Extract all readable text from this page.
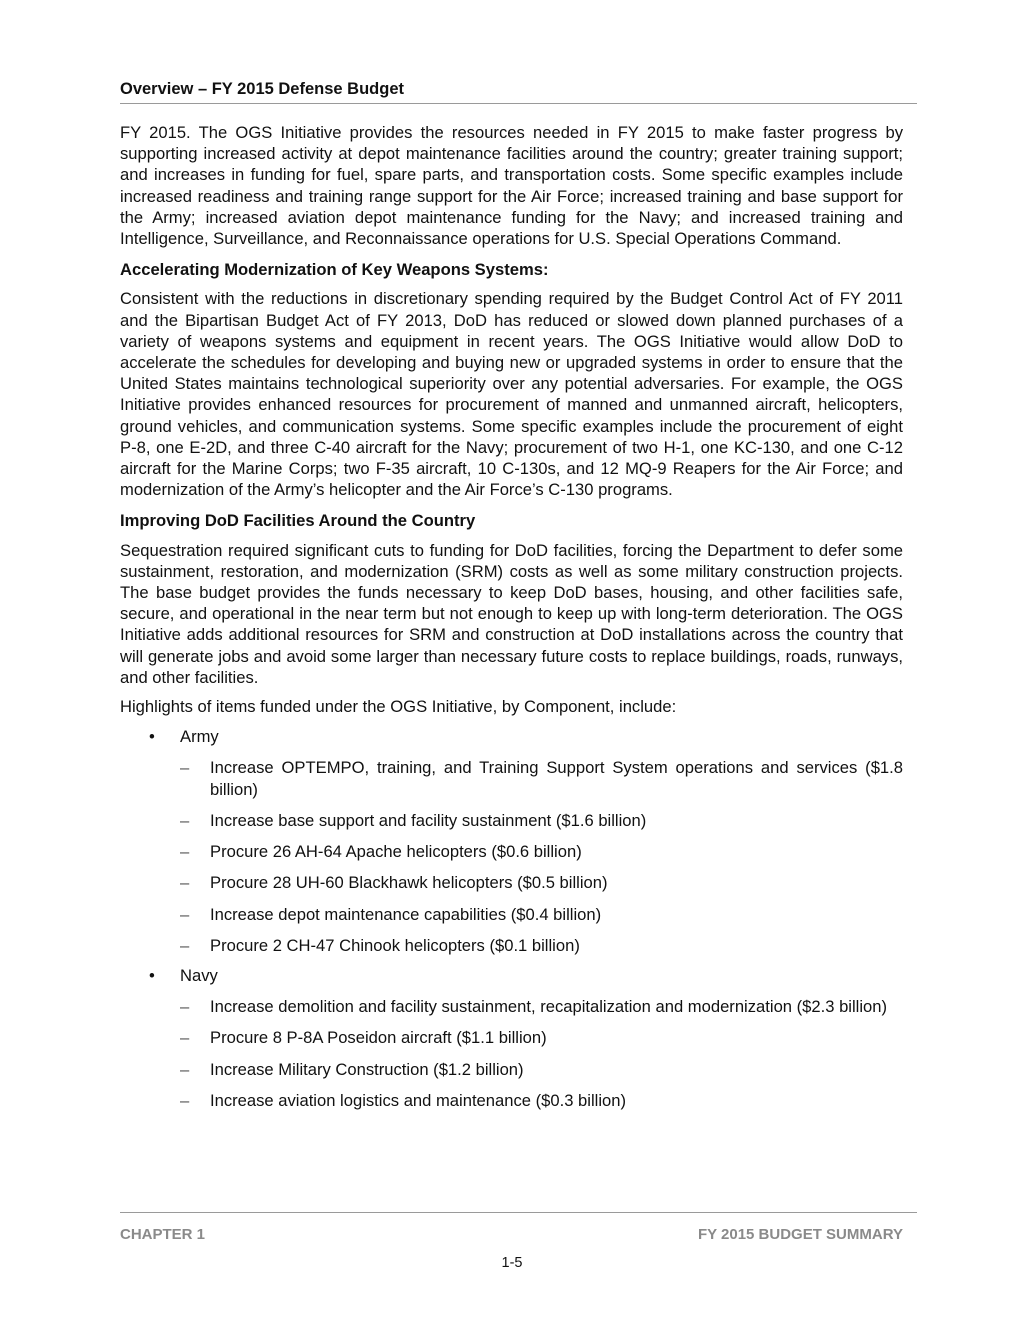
Overview – FY 2015 Defense Budget

FY 2015. The OGS Initiative provides the resources needed in FY 2015 to make faster progress by supporting increased activity at depot maintenance facilities around the country; greater training support; and increases in funding for fuel, spare parts, and transportation costs. Some specific examples include increased readiness and training range support for the Air Force; increased training and base support for the Army; increased aviation depot maintenance funding for the Navy; and increased training and Intelligence, Surveillance, and Reconnaissance operations for U.S. Special Operations Command.

Accelerating Modernization of Key Weapons Systems:

Consistent with the reductions in discretionary spending required by the Budget Control Act of FY 2011 and the Bipartisan Budget Act of FY 2013, DoD has reduced or slowed down planned purchases of a variety of weapons systems and equipment in recent years. The OGS Initiative would allow DoD to accelerate the schedules for developing and buying new or upgraded systems in order to ensure that the United States maintains technological superiority over any potential adversaries. For example, the OGS Initiative provides enhanced resources for procurement of manned and unmanned aircraft, helicopters, ground vehicles, and communication systems. Some specific examples include the procurement of eight P-8, one E-2D, and three C-40 aircraft for the Navy; procurement of two H-1, one KC-130, and one C-12 aircraft for the Marine Corps; two F-35 aircraft, 10 C-130s, and 12 MQ-9 Reapers for the Air Force; and modernization of the Army’s helicopter and the Air Force’s C-130 programs.

Improving DoD Facilities Around the Country

Sequestration required significant cuts to funding for DoD facilities, forcing the Department to defer some sustainment, restoration, and modernization (SRM) costs as well as some military construction projects. The base budget provides the funds necessary to keep DoD bases, housing, and other facilities safe, secure, and operational in the near term but not enough to keep up with long-term deterioration. The OGS Initiative adds additional resources for SRM and construction at DoD installations across the country that will generate jobs and avoid some larger than necessary future costs to replace buildings, roads, runways, and other facilities.

Highlights of items funded under the OGS Initiative, by Component, include:

• Army
– Increase OPTEMPO, training, and Training Support System operations and services ($1.8 billion)
– Increase base support and facility sustainment ($1.6 billion)
– Procure 26 AH-64 Apache helicopters ($0.6 billion)
– Procure 28 UH-60 Blackhawk helicopters ($0.5 billion)
– Increase depot maintenance capabilities ($0.4 billion)
– Procure 2 CH-47 Chinook helicopters ($0.1 billion)
• Navy
– Increase demolition and facility sustainment, recapitalization and modernization ($2.3 billion)
– Procure 8 P-8A Poseidon aircraft ($1.1 billion)
– Increase Military Construction ($1.2 billion)
– Increase aviation logistics and maintenance ($0.3 billion)
CHAPTER 1	FY 2015 BUDGET SUMMARY
1-5
